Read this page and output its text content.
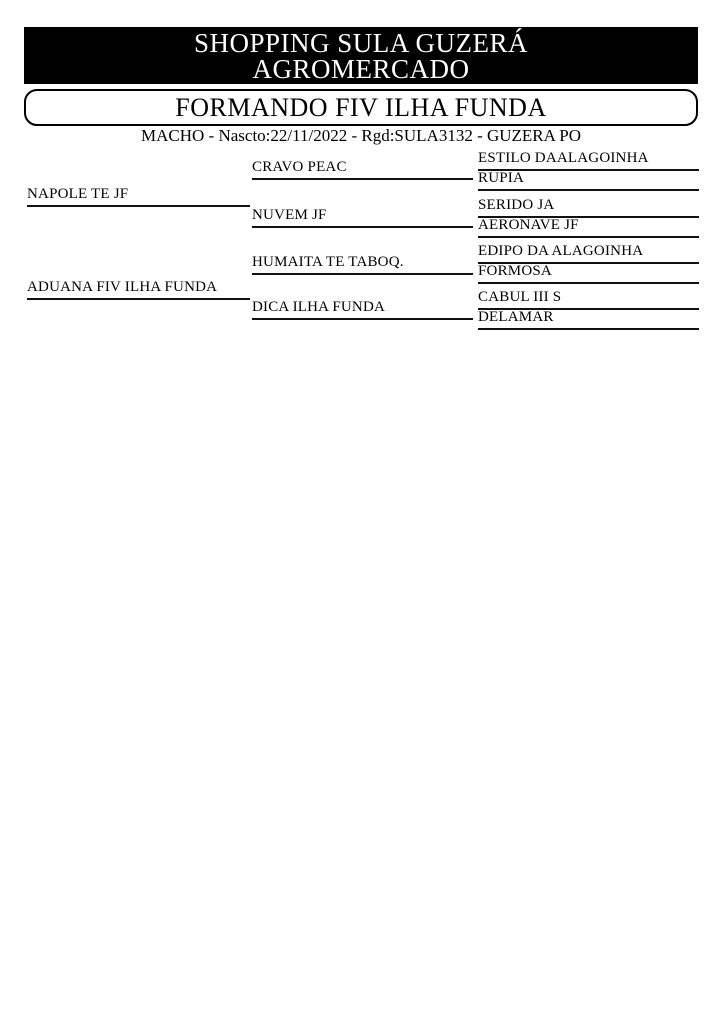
SHOPPING SULA GUZERÁ
AGROMERCADO
FORMANDO FIV ILHA FUNDA
MACHO - Nascto:22/11/2022 - Rgd:SULA3132 - GUZERA PO
NAPOLE TE JF
ADUANA FIV ILHA FUNDA
CRAVO PEAC
NUVEM JF
HUMAITA TE TABOQ.
DICA ILHA FUNDA
ESTILO DAALAGOINHA
RUPIA
SERIDO JA
AERONAVE JF
EDIPO DA ALAGOINHA
FORMOSA
CABUL III S
DELAMAR
